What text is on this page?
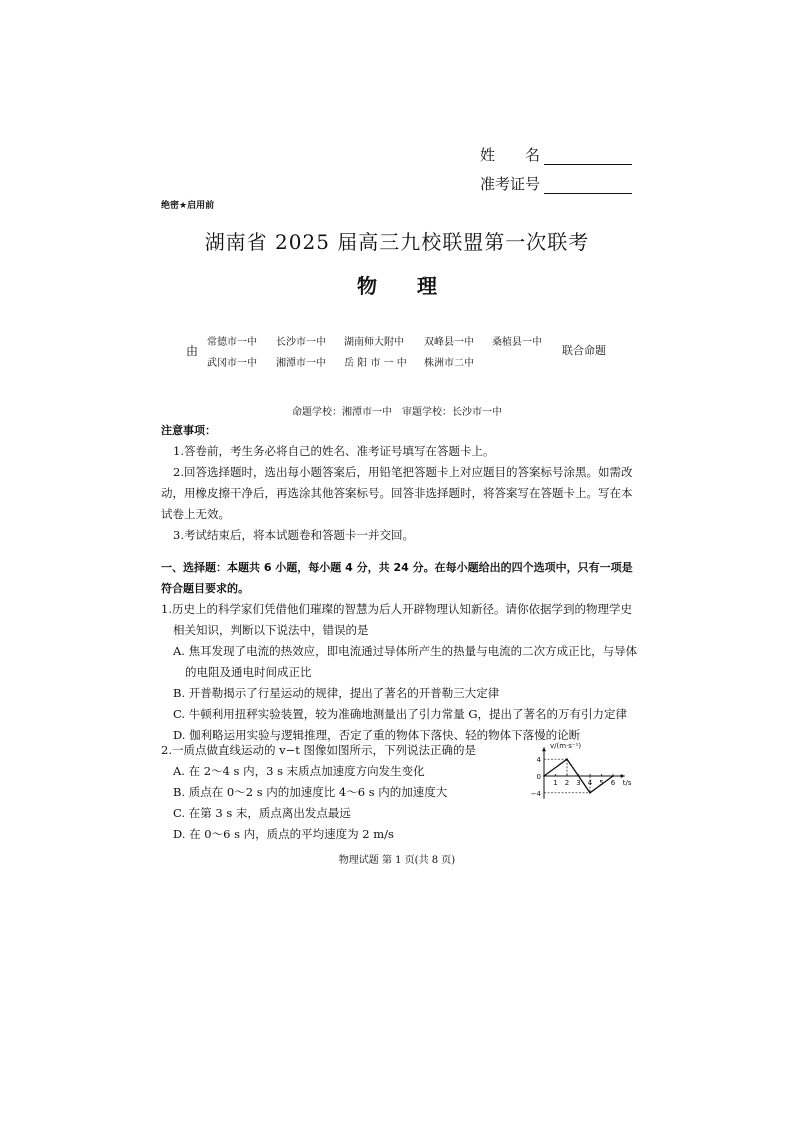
姓　　名
准考证号
绝密★启用前
湖南省 2025 届高三九校联盟第一次联考
物理
由
常德市一中 长沙市一中 湖南师大附中 双峰县一中 桑植县一中
武冈市一中 湘潭市一中 岳 阳 市 一 中 株洲市二中
联合命题
命题学校：湘潭市一中　审题学校：长沙市一中
注意事项：
1.答卷前，考生务必将自己的姓名、准考证号填写在答题卡上。
2.回答选择题时，选出每小题答案后，用铅笔把答题卡上对应题目的答案标号涂黑。如需改动，用橡皮擦干净后，再选涂其他答案标号。回答非选择题时，将答案写在答题卡上。写在本试卷上无效。
3.考试结束后，将本试题卷和答题卡一并交回。
一、选择题：本题共 6 小题，每小题 4 分，共 24 分。在每小题给出的四个选项中，只有一项是符合题目要求的。
1.历史上的科学家们凭借他们璀璨的智慧为后人开辟物理认知新径。请你依据学到的物理学史相关知识，判断以下说法中，错误的是
A. 焦耳发现了电流的热效应，即电流通过导体所产生的热量与电流的二次方成正比，与导体的电阻及通电时间成正比
B. 开普勒揭示了行星运动的规律，提出了著名的开普勒三大定律
C. 牛顿利用扭秤实验装置，较为准确地测量出了引力常量 G，提出了著名的万有引力定律
D. 伽利略运用实验与逻辑推理，否定了重的物体下落快、轻的物体下落慢的论断
2.一质点做直线运动的 v−t 图像如图所示，下列说法正确的是
A. 在 2～4 s 内，3 s 末质点加速度方向发生变化
B. 质点在 0～2 s 内的加速度比 4～6 s 内的加速度大
C. 在第 3 s 末，质点离出发点最远
D. 在 0～6 s 内，质点的平均速度为 2 m/s
v/(m·s⁻¹)
t/s
4
0
−4
1 2 3 4 5 6
物理试题 第 1 页(共 8 页)
